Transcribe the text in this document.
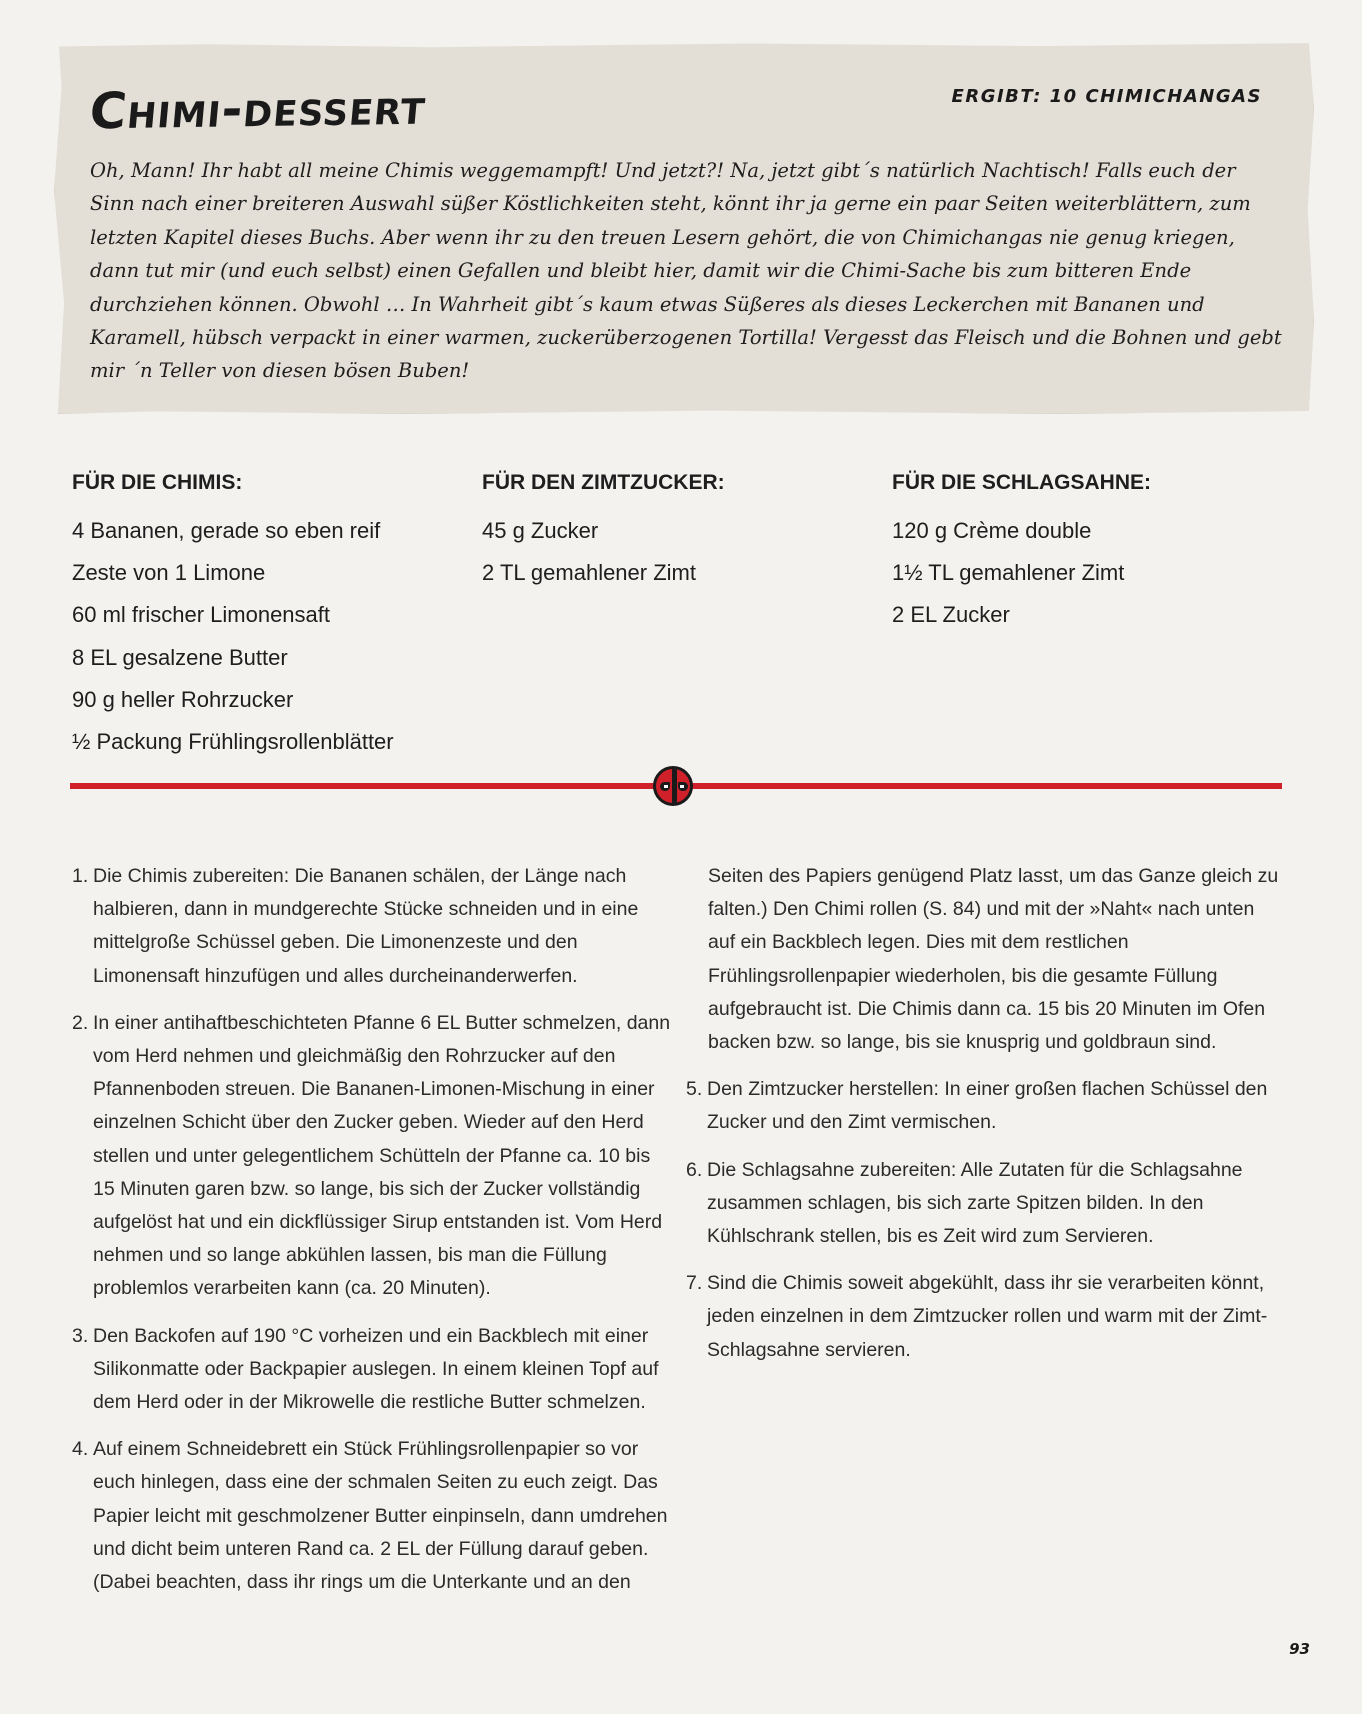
Chimi-dessert	ERGIBT: 10 CHIMICHANGAS

Oh, Mann! Ihr habt all meine Chimis weggemampft! Und jetzt?! Na, jetzt gibt´s natürlich Nachtisch! Falls euch der Sinn nach einer breiteren Auswahl süßer Köstlichkeiten steht, könnt ihr ja gerne ein paar Seiten weiterblättern, zum letzten Kapitel dieses Buchs. Aber wenn ihr zu den treuen Lesern gehört, die von Chimichangas nie genug kriegen, dann tut mir (und euch selbst) einen Gefallen und bleibt hier, damit wir die Chimi-Sache bis zum bitteren Ende durchziehen können. Obwohl … In Wahrheit gibt´s kaum etwas Süßeres als dieses Leckerchen mit Bananen und Karamell, hübsch verpackt in einer warmen, zuckerüberzogenen Tortilla! Vergesst das Fleisch und die Bohnen und gebt mir ´n Teller von diesen bösen Buben!

FÜR DIE CHIMIS:
4 Bananen, gerade so eben reif
Zeste von 1 Limone
60 ml frischer Limonensaft
8 EL gesalzene Butter
90 g heller Rohrzucker
½ Packung Frühlingsrollenblätter
FÜR DEN ZIMTZUCKER:
45 g Zucker
2 TL gemahlener Zimt
FÜR DIE SCHLAGSAHNE:
120 g Crème double
1½ TL gemahlener Zimt
2 EL Zucker
1. Die Chimis zubereiten: Die Bananen schälen, der Länge nach halbieren, dann in mundgerechte Stücke schneiden und in eine mittelgroße Schüssel geben. Die Limonenzeste und den Limonensaft hinzufügen und alles durcheinanderwerfen.
2. In einer antihaftbeschichteten Pfanne 6 EL Butter schmelzen, dann vom Herd nehmen und gleichmäßig den Rohrzucker auf den Pfannenboden streuen. Die Bananen-Limonen-Mischung in einer einzelnen Schicht über den Zucker geben. Wieder auf den Herd stellen und unter gelegentlichem Schütteln der Pfanne ca. 10 bis 15 Minuten garen bzw. so lange, bis sich der Zucker vollständig aufgelöst hat und ein dickflüssiger Sirup entstanden ist. Vom Herd nehmen und so lange abkühlen lassen, bis man die Füllung problemlos verarbeiten kann (ca. 20 Minuten).
3. Den Backofen auf 190 °C vorheizen und ein Backblech mit einer Silikonmatte oder Backpapier auslegen. In einem kleinen Topf auf dem Herd oder in der Mikrowelle die restliche Butter schmelzen.
4. Auf einem Schneidebrett ein Stück Frühlingsrollenpapier so vor euch hinlegen, dass eine der schmalen Seiten zu euch zeigt. Das Papier leicht mit geschmolzener Butter einpinseln, dann umdrehen und dicht beim unteren Rand ca. 2 EL der Füllung darauf geben. (Dabei beachten, dass ihr rings um die Unterkante und an den
Seiten des Papiers genügend Platz lasst, um das Ganze gleich zu falten.) Den Chimi rollen (S. 84) und mit der »Naht« nach unten auf ein Backblech legen. Dies mit dem restlichen Frühlingsrollenpapier wiederholen, bis die gesamte Füllung aufgebraucht ist. Die Chimis dann ca. 15 bis 20 Minuten im Ofen backen bzw. so lange, bis sie knusprig und goldbraun sind.
5. Den Zimtzucker herstellen: In einer großen flachen Schüssel den Zucker und den Zimt vermischen.
6. Die Schlagsahne zubereiten: Alle Zutaten für die Schlagsahne zusammen schlagen, bis sich zarte Spitzen bilden. In den Kühlschrank stellen, bis es Zeit wird zum Servieren.
7. Sind die Chimis soweit abgekühlt, dass ihr sie verarbeiten könnt, jeden einzelnen in dem Zimtzucker rollen und warm mit der Zimt-Schlagsahne servieren.
93
